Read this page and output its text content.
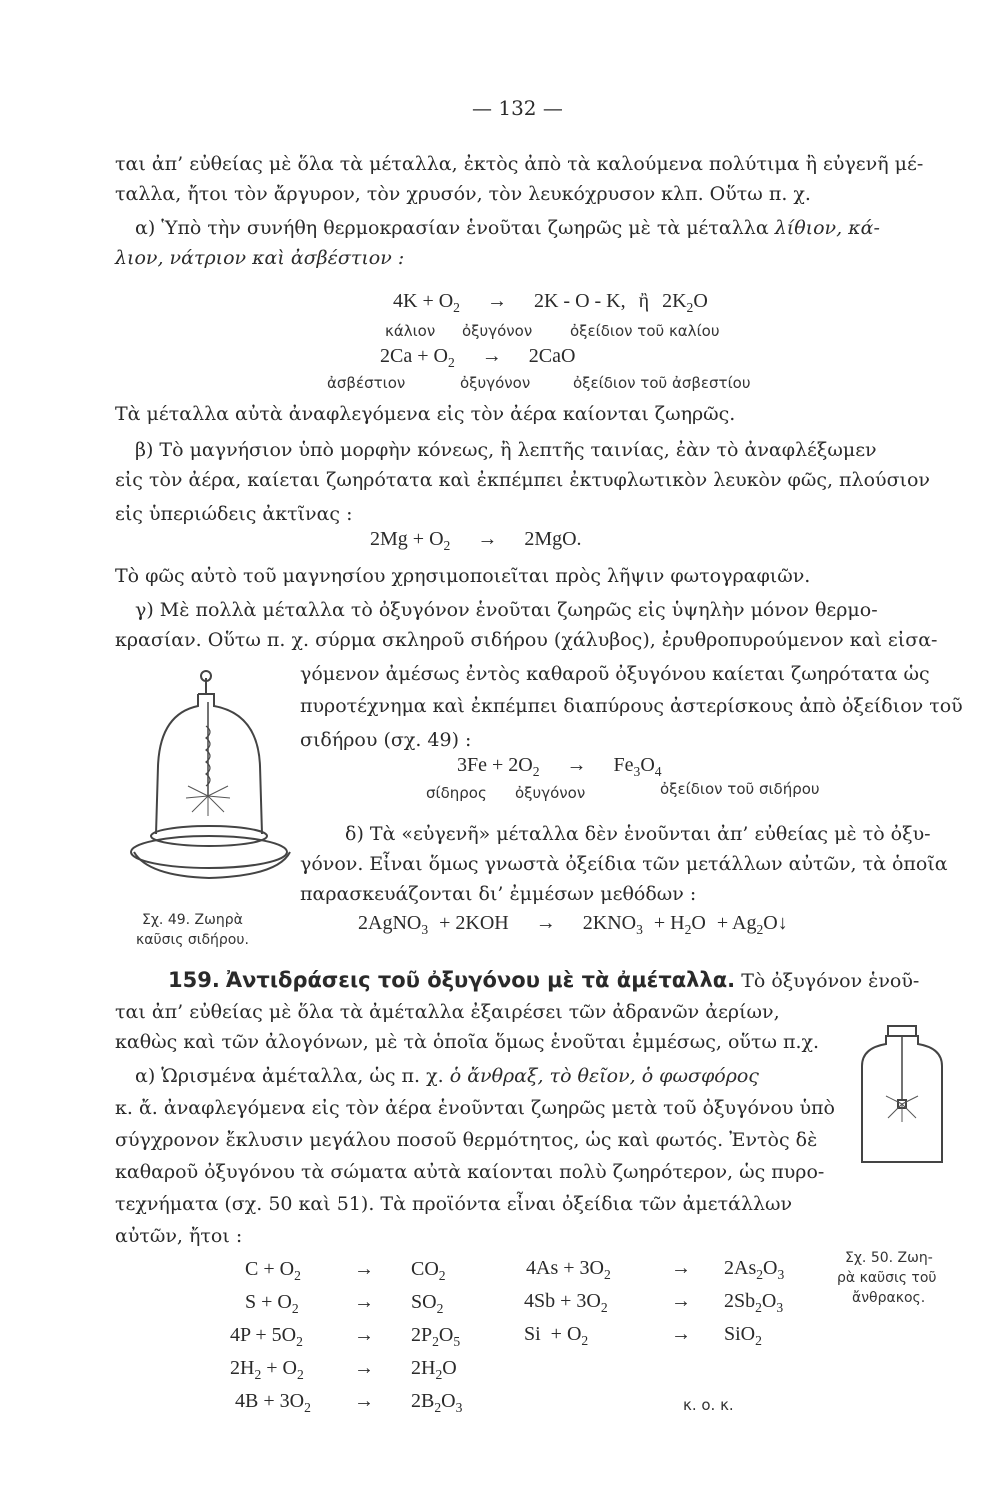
— 132 —
ται ἀπ’ εὐθείας μὲ ὅλα τὰ μέταλλα, ἐκτὸς ἀπὸ τὰ καλούμενα πολύτιμα ἢ εὐγενῆ μέ-
ταλλα, ἤτοι τὸν ἄργυρον, τὸν χρυσόν, τὸν λευκόχρυσον κλπ. Οὕτω π. χ.
α) Ὑπὸ τὴν συνήθη θερμοκρασίαν ἑνοῦται ζωηρῶς μὲ τὰ μέταλλα λίθιον, κά-
λιον, νάτριον καὶ ἀσβέστιον :
$4K + O_2 \to 2K - O - K$, ἢ $2K_2O$
κάλιον ὀξυγόνον	ὀξείδιον τοῦ καλίου
$2Ca + O_2 \to 2CaO$
ἀσβέστιον	ὀξυγόνον	ὀξείδιον τοῦ ἀσβεστίου
Τὰ μέταλλα αὐτὰ ἀναφλεγόμενα εἰς τὸν ἀέρα καίονται ζωηρῶς.
β) Τὸ μαγνήσιον ὑπὸ μορφὴν κόνεως, ἢ λεπτῆς ταινίας, ἐὰν τὸ ἀναφλέξωμεν
εἰς τὸν ἀέρα, καίεται ζωηρότατα καὶ ἐκπέμπει ἐκτυφλωτικὸν λευκὸν φῶς, πλούσιον
εἰς ὑπεριώδεις ἀκτῖνας :
$2Mg + O_2 \to 2MgO$.
Τὸ φῶς αὐτὸ τοῦ μαγνησίου χρησιμοποιεῖται πρὸς λῆψιν φωτογραφιῶν.
γ) Μὲ πολλὰ μέταλλα τὸ ὀξυγόνον ἑνοῦται ζωηρῶς εἰς ὑψηλὴν μόνον θερμο-
κρασίαν. Οὕτω π. χ. σύρμα σκληροῦ σιδήρου (χάλυβος), ἐρυθροπυρούμενον καὶ εἰσα-
γόμενον ἀμέσως ἐντὸς καθαροῦ ὀξυγόνου καίεται ζωηρότατα ὡς
πυροτέχνημα καὶ ἐκπέμπει διαπύρους ἀστερίσκους ἀπὸ ὀξείδιον τοῦ
σιδήρου (σχ. 49) :
$3Fe + 2O_2 \to Fe_3O_4$
σίδηρος ὀξυγόνον	ὀξείδιον τοῦ σιδήρου
Σχ. 49. Ζωηρὰ
καῦσις σιδήρου.
δ) Τὰ «εὐγενῆ» μέταλλα δὲν ἑνοῦνται ἀπ’ εὐθείας μὲ τὸ ὀξυ-
γόνον. Εἶναι ὅμως γνωστὰ ὀξείδια τῶν μετάλλων αὐτῶν, τὰ ὁποῖα
παρασκευάζονται δι’ ἐμμέσων μεθόδων :
2AgNO$_3$ + $2KOH \to 2KNO_3 + H_2O$ + $Ag_2O↓$
159. Ἀντιδράσεις τοῦ ὀξυγόνου μὲ τὰ ἀμέταλλα. Τὸ ὀξυγόνον ἑνοῦ-
ται ἀπ’ εὐθείας μὲ ὅλα τὰ ἀμέταλλα ἐξαιρέσει τῶν ἀδρανῶν ἀερίων,
καθὼς καὶ τῶν ἀλογόνων, μὲ τὰ ὁποῖα ὅμως ἑνοῦται ἐμμέσως, οὕτω π.χ.
α) Ὡρισμένα ἀμέταλλα, ὡς π. χ. ὁ ἄνθραξ, τὸ θεῖον, ὁ φωσφόρος
κ. ἄ. ἀναφλεγόμενα εἰς τὸν ἀέρα ἑνοῦνται ζωηρῶς μετὰ τοῦ ὀξυγόνου ὑπὸ
σύγχρονον ἔκλυσιν μεγάλου ποσοῦ θερμότητος, ὡς καὶ φωτός. Ἐντὸς δὲ
καθαροῦ ὀξυγόνου τὰ σώματα αὐτὰ καίονται πολὺ ζωηρότερον, ὡς πυρο-
τεχνήματα (σχ. 50 καὶ 51). Τὰ προϊόντα εἶναι ὀξείδια τῶν ἀμετάλλων
αὐτῶν, ἤτοι :
Σχ. 50. Ζωη-
ρὰ καῦσις τοῦ
ἄνθρακος.
$C + O_2$	→ $CO_2$
$S + O_2$	→ $SO_2$
$4P + 5O_2$	→ $2P_2O_5$
$2H_2 + O_2$	→ $2H_2O$
$4B + 3O_2 \to 2B_2O_3$
$4As + 3O_2$	→ $2As_2O_3$
$4Sb + 3O_2$	→ $2Sb_2O_3$
$Si + O_2$	→ SiO$_2$
κ. ο. κ.
